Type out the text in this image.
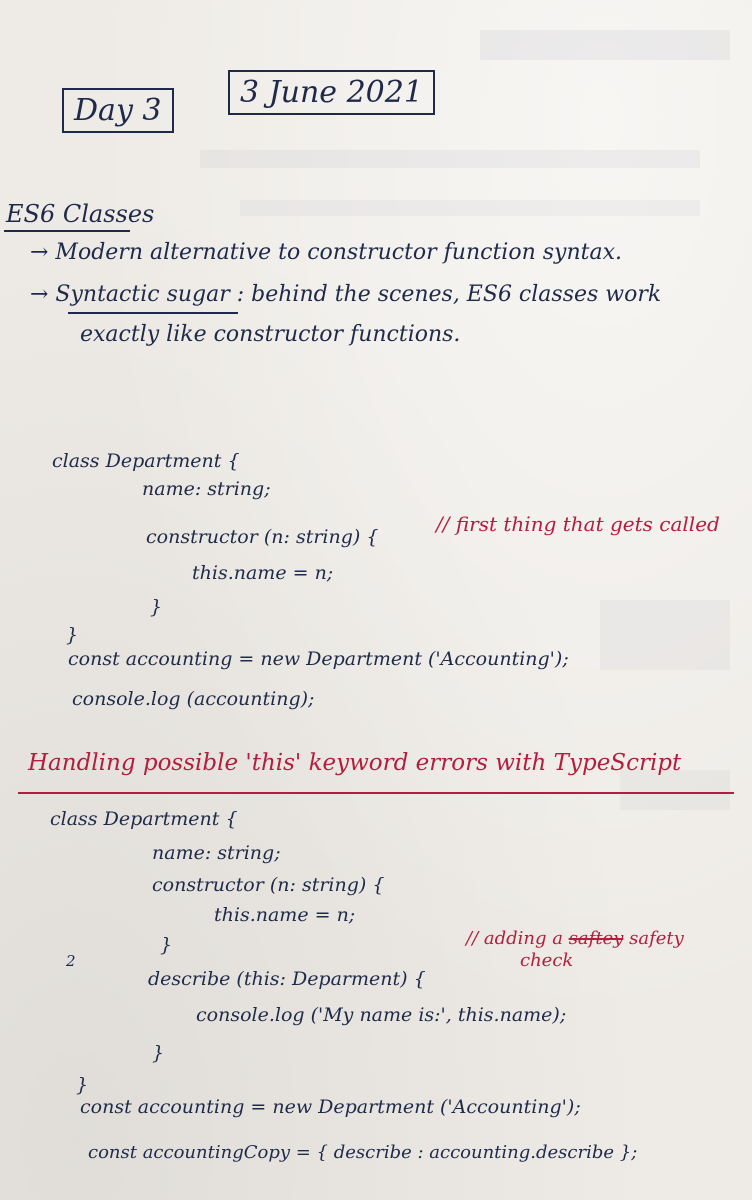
Day 3
3 June 2021
ES6 Classes
→ Modern alternative to constructor function syntax.
→ Syntactic sugar : behind the scenes, ES6 classes work
exactly like constructor functions.
class Department {
name: string;
constructor (n: string) {
// first thing that gets called
this.name = n;
}
}
const accounting = new Department ('Accounting');
console.log (accounting);
Handling possible 'this' keyword errors with TypeScript
class Department {
name: string;
constructor (n: string) {
this.name = n;
}
2
describe (this: Deparment) {
// adding a saftey safety
check
console.log ('My name is:', this.name);
}
}
const accounting = new Department ('Accounting');
const accountingCopy = { describe : accounting.describe };
